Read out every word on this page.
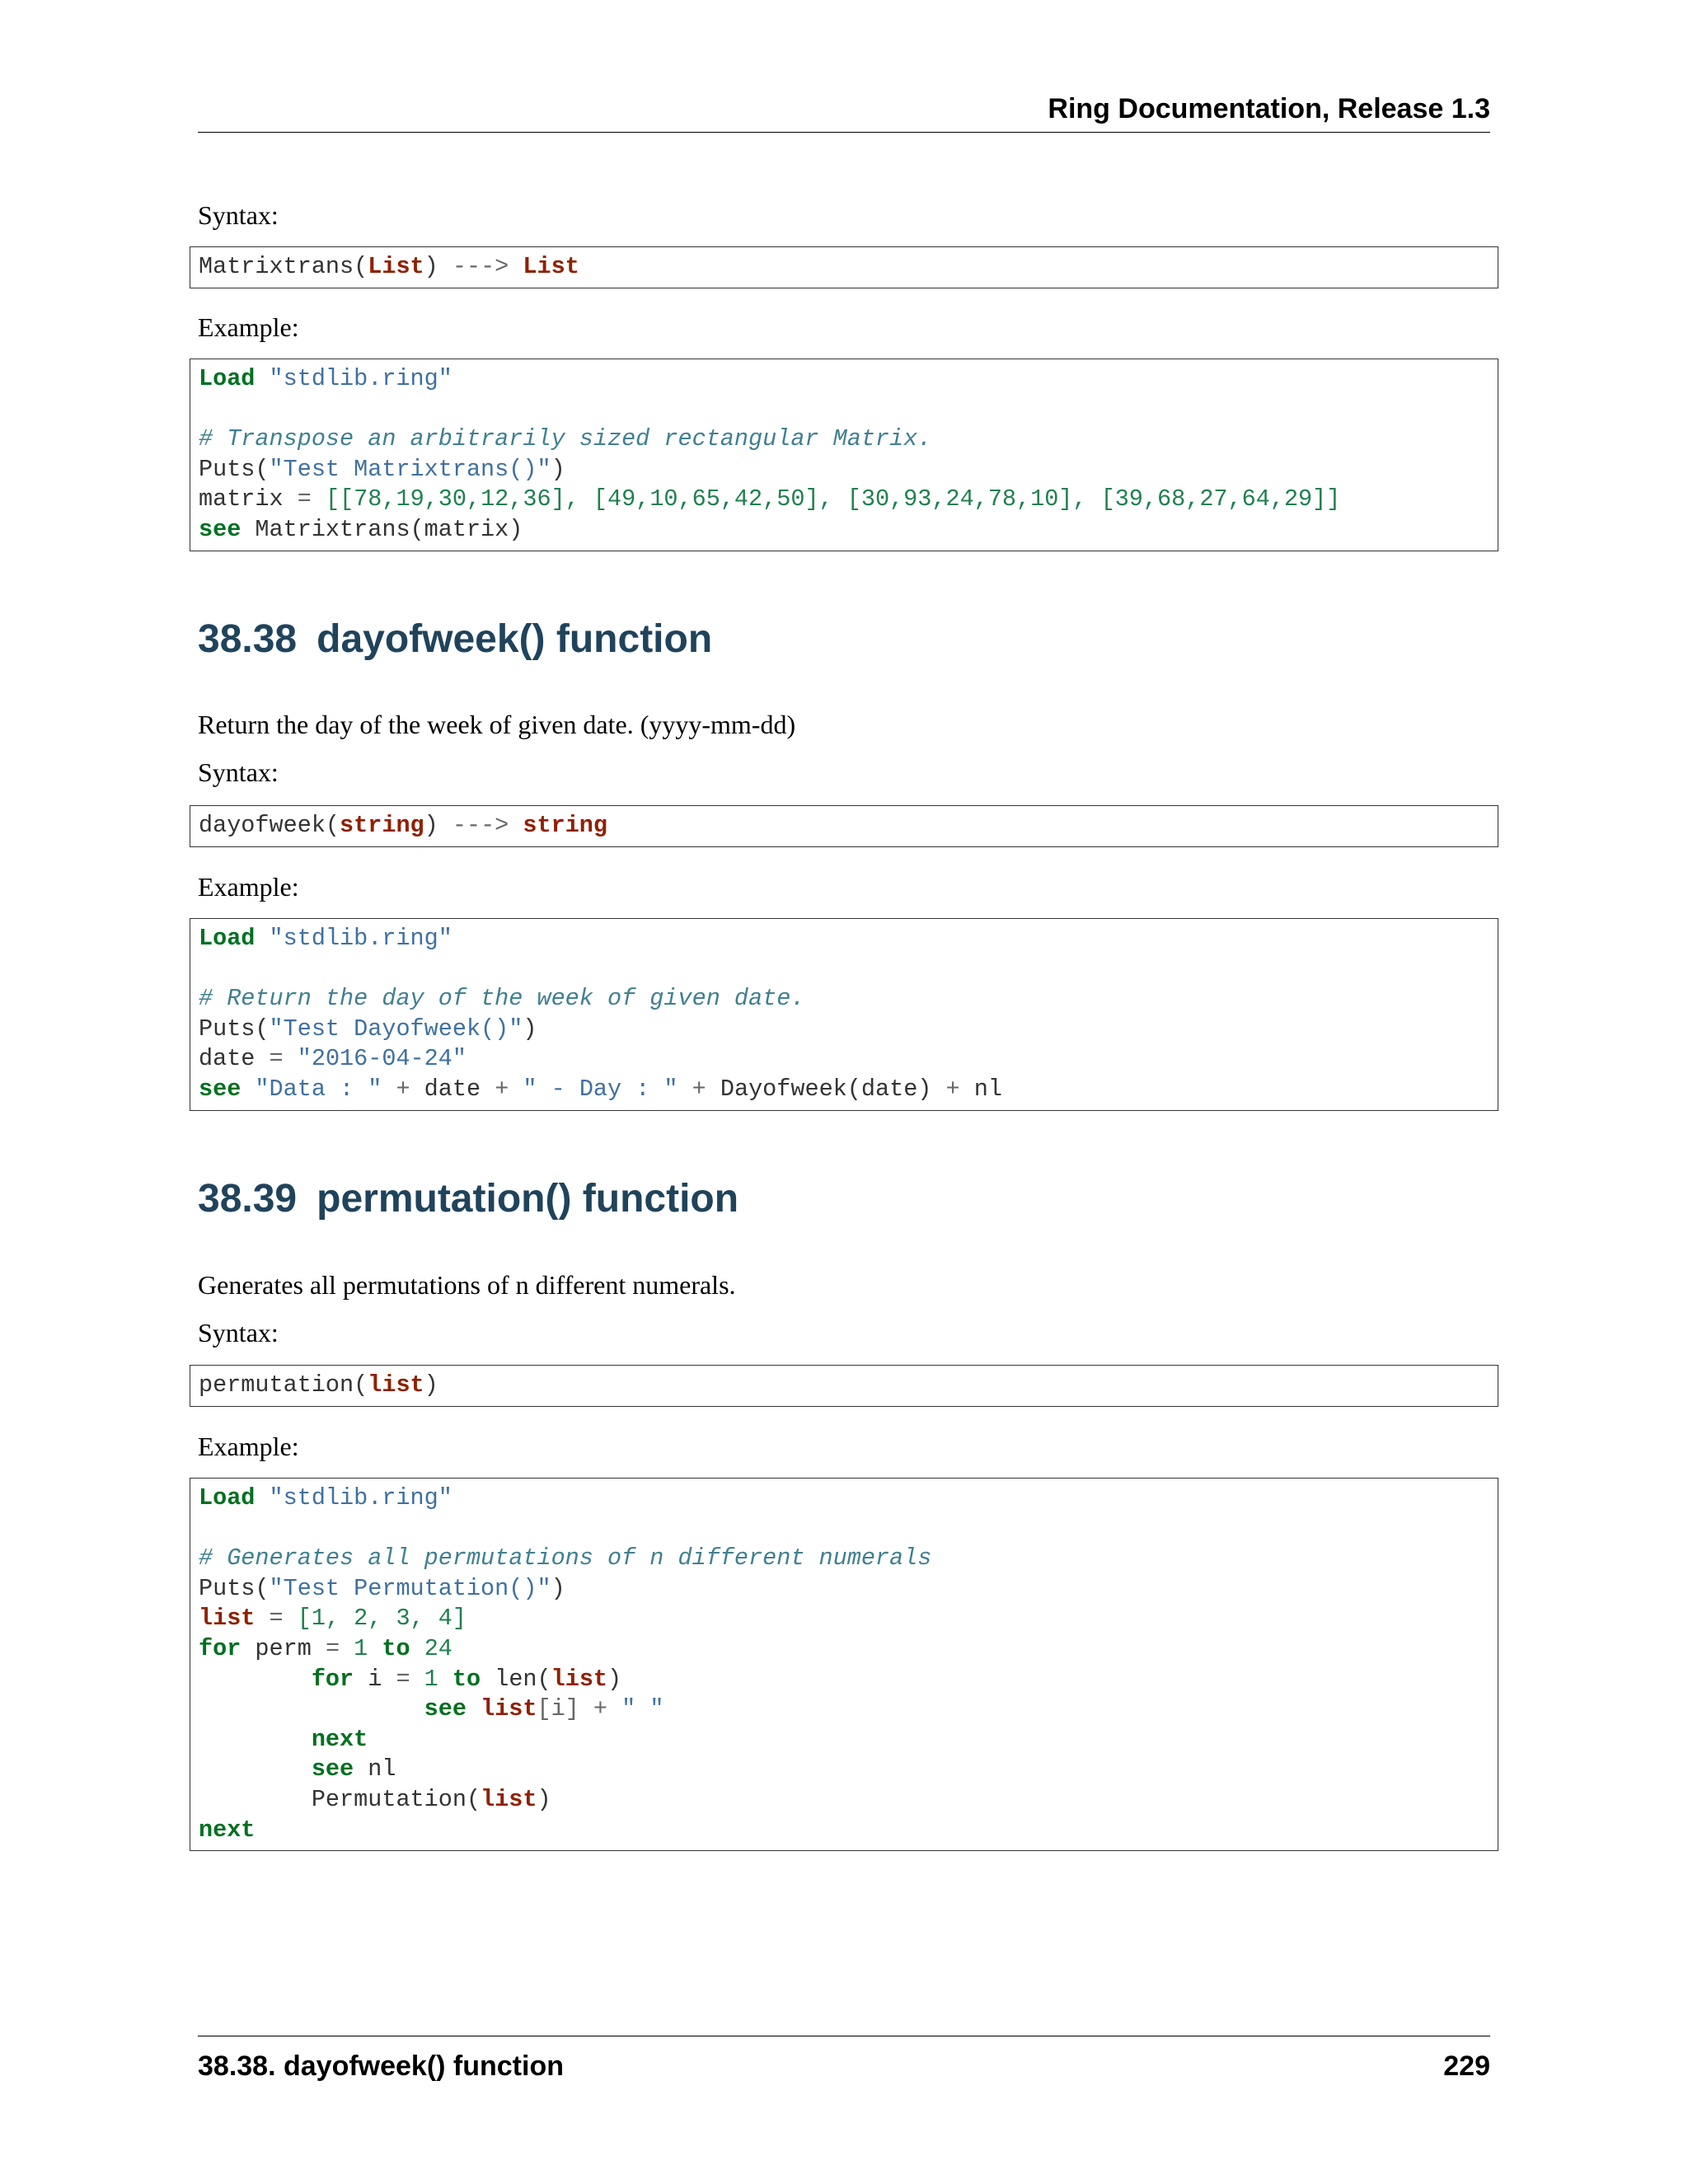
Ring Documentation, Release 1.3

Syntax:

Matrixtrans(List) ---> List

Example:

Load "stdlib.ring"

# Transpose an arbitrarily sized rectangular Matrix.
Puts("Test Matrixtrans()")
matrix = [[78,19,30,12,36], [49,10,65,42,50], [30,93,24,78,10], [39,68,27,64,29]]
see Matrixtrans(matrix)
38.38 dayofweek() function

Return the day of the week of given date. (yyyy-mm-dd)

Syntax:

dayofweek(string) ---> string

Example:

Load "stdlib.ring"

# Return the day of the week of given date.
Puts("Test Dayofweek()")
date = "2016-04-24"
see "Data : " + date + " - Day : " + Dayofweek(date) + nl
38.39 permutation() function

Generates all permutations of n different numerals.

Syntax:

permutation(list)

Example:

Load "stdlib.ring"

# Generates all permutations of n different numerals
Puts("Test Permutation()")
list = [1, 2, 3, 4]
for perm = 1 to 24
for i = 1 to len(list)
see list[i] + " "
next
see nl
Permutation(list)
next
38.38. dayofweek() function	229
